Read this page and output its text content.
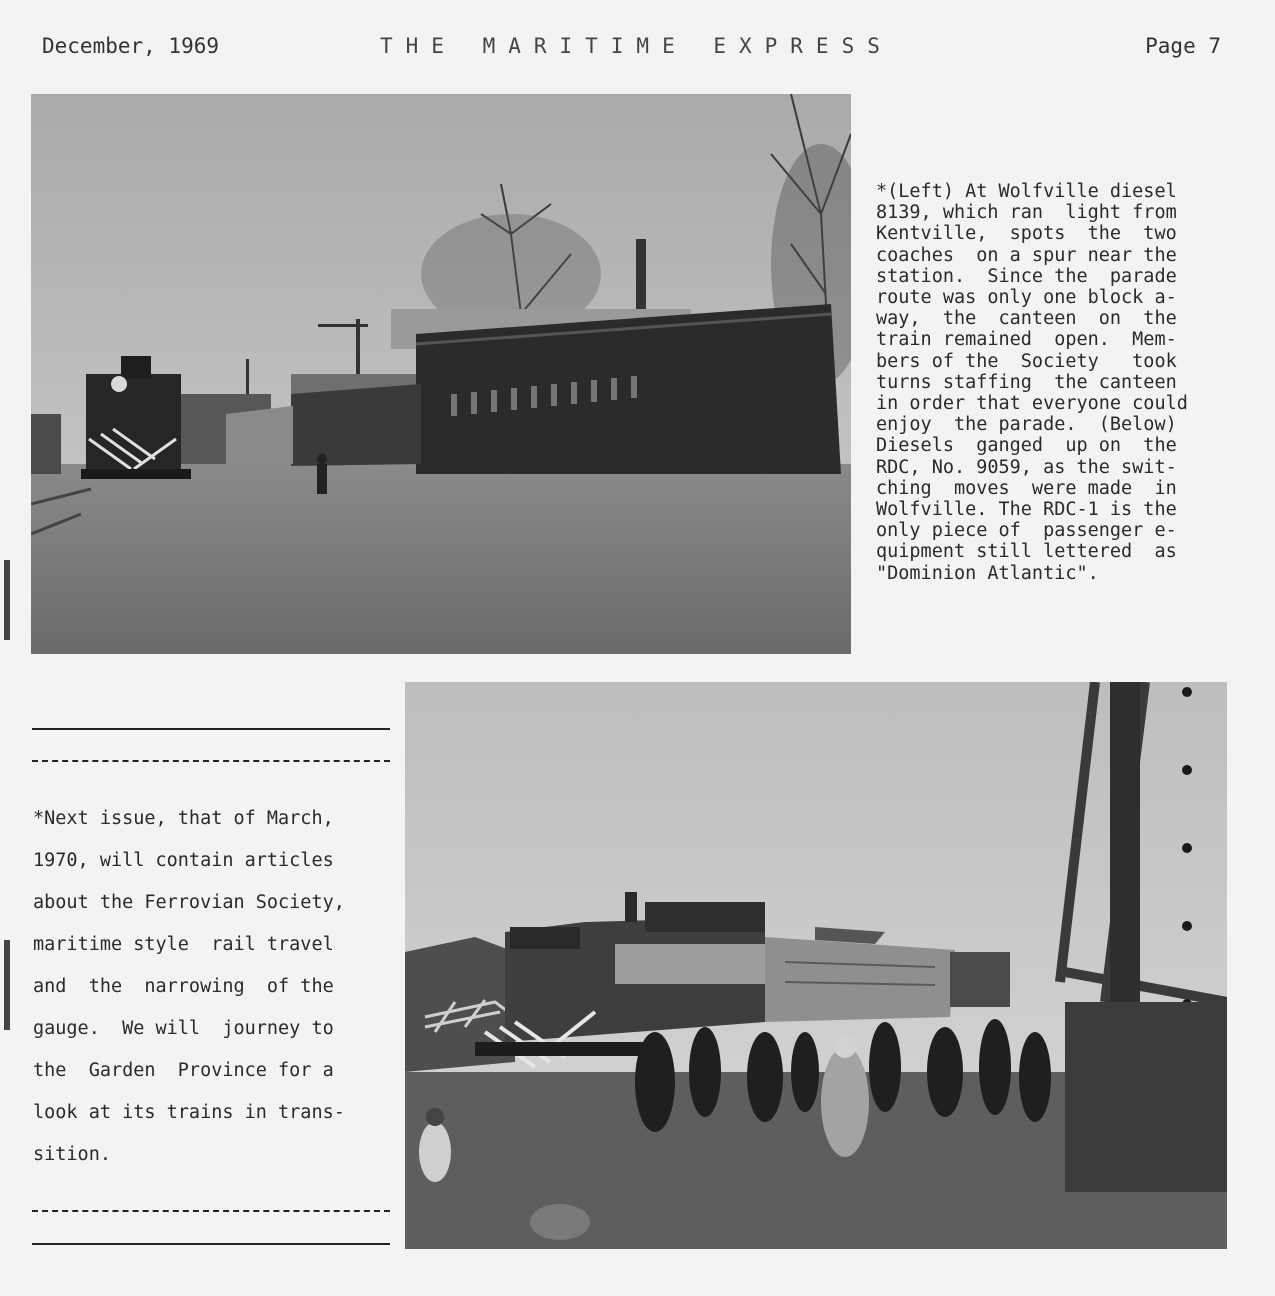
December, 1969	THE MARITIME EXPRESS	Page 7
*(Left) At Wolfville diesel
8139, which ran  light from
Kentville,  spots  the  two
coaches  on a spur near the
station.  Since the  parade
route was only one block a-
way,  the  canteen  on  the
train remained  open.  Mem-
bers of the  Society   took
turns staffing  the canteen
in order that everyone could
enjoy  the parade.  (Below)
Diesels  ganged  up on  the
RDC, No. 9059, as the swit-
ching  moves  were made  in
Wolfville. The RDC-1 is the
only piece of  passenger e-
quipment still lettered  as
"Dominion Atlantic".
*Next issue, that of March,
1970, will contain articles
about the Ferrovian Society,
maritime style  rail travel
and  the  narrowing  of the
gauge.  We will  journey to
the  Garden  Province for a
look at its trains in trans-
sition.
